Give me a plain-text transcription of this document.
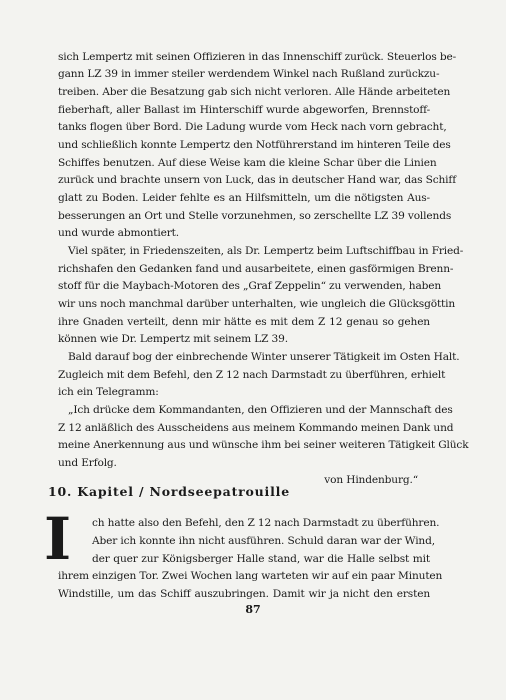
sich Lempertz mit seinen Offizieren in das Innenschiff zurück. Steuerlos be-
gann LZ 39 in immer steiler werdendem Winkel nach Rußland zurückzu-
treiben. Aber die Besatzung gab sich nicht verloren. Alle Hände arbeiteten
fieberhaft, aller Ballast im Hinterschiff wurde abgeworfen, Brennstoff-
tanks flogen über Bord. Die Ladung wurde vom Heck nach vorn gebracht,
und schließlich konnte Lempertz den Notführerstand im hinteren Teile des
Schiffes benutzen. Auf diese Weise kam die kleine Schar über die Linien
zurück und brachte unsern von Luck, das in deutscher Hand war, das Schiff
glatt zu Boden. Leider fehlte es an Hilfsmitteln, um die nötigsten Aus-
besserungen an Ort und Stelle vorzunehmen, so zerschellte LZ 39 vollends
und wurde abmontiert.
Viel später, in Friedenszeiten, als Dr. Lempertz beim Luftschiffbau in Fried-
richshafen den Gedanken fand und ausarbeitete, einen gasförmigen Brenn-
stoff für die Maybach-Motoren des „Graf Zeppelin“ zu verwenden, haben
wir uns noch manchmal darüber unterhalten, wie ungleich die Glücksgöttin
ihre Gnaden verteilt, denn mir hätte es mit dem Z 12 genau so gehen
können wie Dr. Lempertz mit seinem LZ 39.
Bald darauf bog der einbrechende Winter unserer Tätigkeit im Osten Halt.
Zugleich mit dem Befehl, den Z 12 nach Darmstadt zu überführen, erhielt
ich ein Telegramm:
„Ich drücke dem Kommandanten, den Offizieren und der Mannschaft des
Z 12 anläßlich des Ausscheidens aus meinem Kommando meinen Dank und
meine Anerkennung aus und wünsche ihm bei seiner weiteren Tätigkeit Glück
und Erfolg.
von Hindenburg.“
10. Kapitel / Nordseepatrouille
I ch hatte also den Befehl, den Z 12 nach Darmstadt zu überführen.
Aber ich konnte ihn nicht ausführen. Schuld daran war der Wind,
der quer zur Königsberger Halle stand, war die Halle selbst mit
ihrem einzigen Tor. Zwei Wochen lang warteten wir auf ein paar Minuten
Windstille, um das Schiff auszubringen. Damit wir ja nicht den ersten
87
